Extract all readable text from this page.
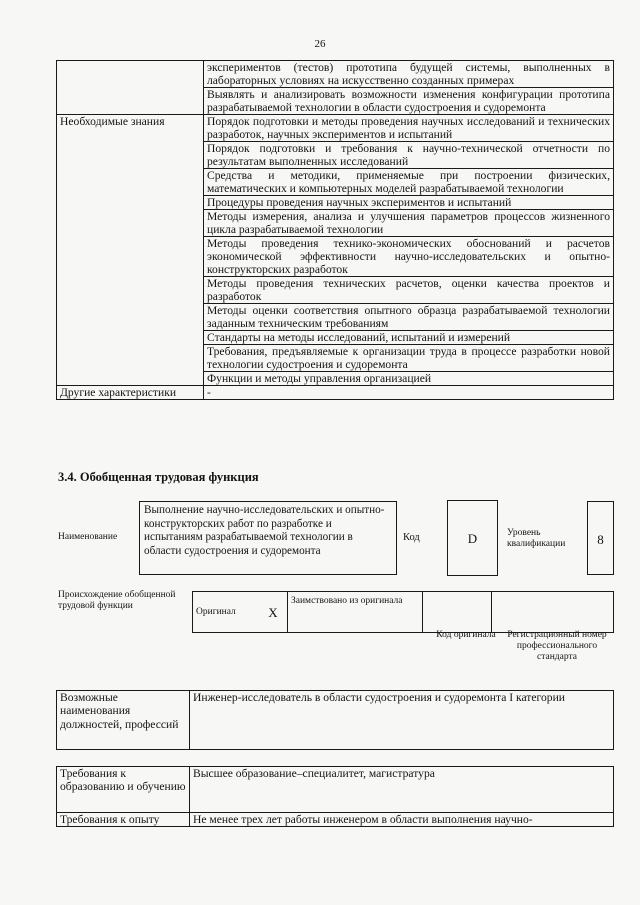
26
	экспериментов (тестов) прототипа будущей системы, выполненных в лабораторных условиях на искусственно созданных примерах
	Выявлять и анализировать возможности изменения конфигурации прототипа разрабатываемой технологии в области судостроения и судоремонта
Необходимые знания	Порядок подготовки и методы проведения научных исследований и технических разработок, научных экспериментов и испытаний
	Порядок подготовки и требования к научно-технической отчетности по результатам выполненных исследований
	Средства и методики, применяемые при построении физических, математических и компьютерных моделей разрабатываемой технологии
	Процедуры проведения научных экспериментов и испытаний
	Методы измерения, анализа и улучшения параметров процессов жизненного цикла разрабатываемой технологии
	Методы проведения технико-экономических обоснований и расчетов экономической эффективности научно-исследовательских и опытно-конструкторских разработок
	Методы проведения технических расчетов, оценки качества проектов и разработок
	Методы оценки соответствия опытного образца разрабатываемой технологии заданным техническим требованиям
	Стандарты на методы исследований, испытаний и измерений
	Требования, предъявляемые к организации труда в процессе разработки новой технологии судостроения и судоремонта
	Функции и методы управления организацией
Другие характеристики	-
3.4. Обобщенная трудовая функция
Наименование
Выполнение научно-исследовательских и опытно-конструкторских работ по разработке и испытаниям разрабатываемой технологии в области судостроения и судоремонта
Код	D	Уровень квалификации	8
Происхождение обобщенной трудовой функции
Оригинал	X	Заимствовано из оригинала		
Код оригинала	Регистрационный номер профессионального стандарта
Возможные наименования должностей, профессий	Инженер-исследователь в области судостроения и судоремонта I категории
Требования к образованию и обучению	Высшее образование–специалитет, магистратура
Требования к опыту	Не менее трех лет работы инженером в области выполнения научно-
